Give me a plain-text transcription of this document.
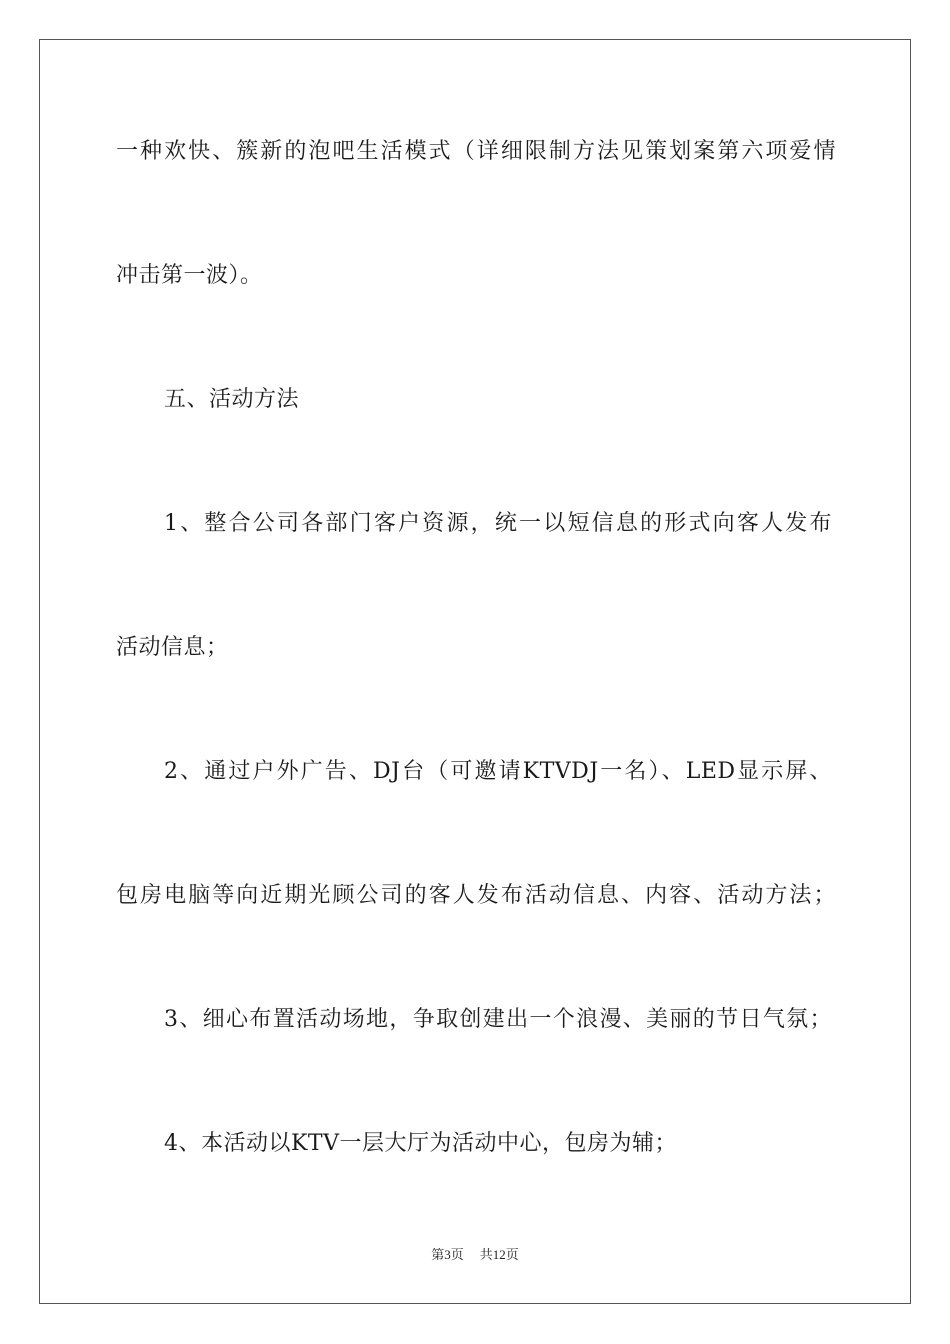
一种欢快、簇新的泡吧生活模式（详细限制方法见策划案第六项爱情
冲击第一波）。
五、活动方法
1、整合公司各部门客户资源，统一以短信息的形式向客人发布
活动信息；
2、通过户外广告、DJ台（可邀请KTVDJ一名）、LED显示屏、
包房电脑等向近期光顾公司的客人发布活动信息、内容、活动方法；
3、细心布置活动场地，争取创建出一个浪漫、美丽的节日气氛；
4、本活动以KTV一层大厅为活动中心，包房为辅；
第3页 共12页
